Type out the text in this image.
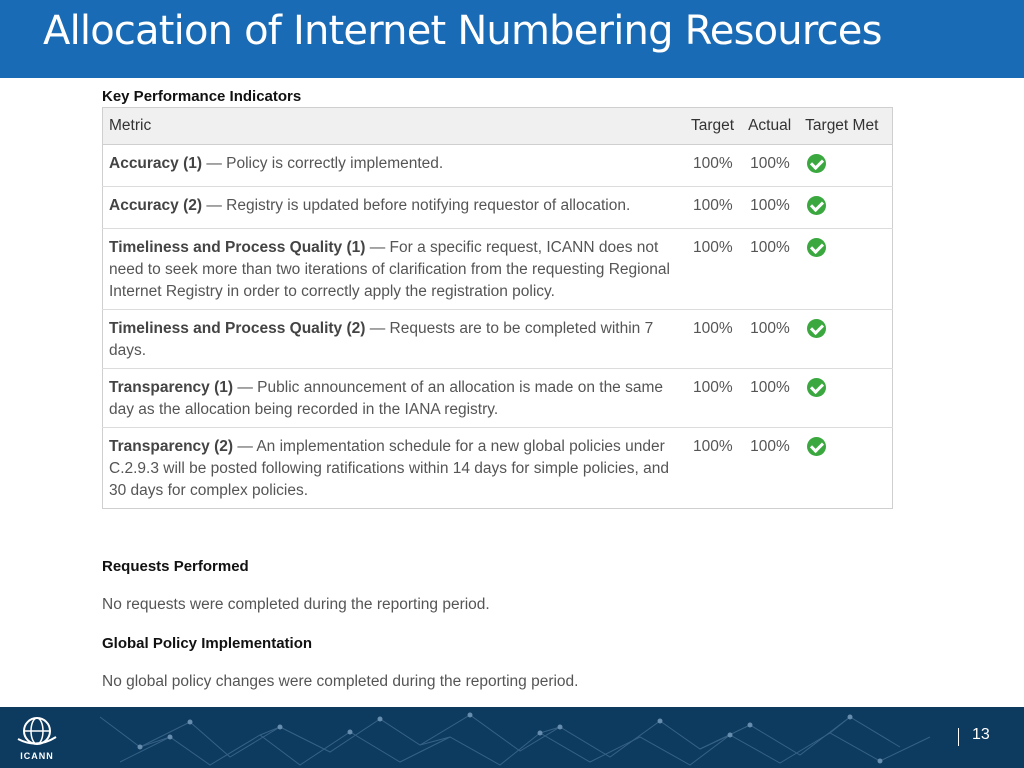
Allocation of Internet Numbering Resources

Key Performance Indicators

Metric	Target	Actual	Target Met
Accuracy (1) — Policy is correctly implemented.	100%	100%	
Accuracy (2) — Registry is updated before notifying requestor of allocation.	100%	100%	
Timeliness and Process Quality (1) — For a specific request, ICANN does not need to seek more than two iterations of clarification from the requesting Regional Internet Registry in order to correctly apply the registration policy.	100%	100%	
Timeliness and Process Quality (2) — Requests are to be completed within 7 days.	100%	100%	
Transparency (1) — Public announcement of an allocation is made on the same day as the allocation being recorded in the IANA registry.	100%	100%	
Transparency (2) — An implementation schedule for a new global policies under C.2.9.3 will be posted following ratifications within 14 days for simple policies, and 30 days for complex policies.	100%	100%	

Requests Performed

No requests were completed during the reporting period.

Global Policy Implementation

No global policy changes were completed during the reporting period.

ICANN
13
